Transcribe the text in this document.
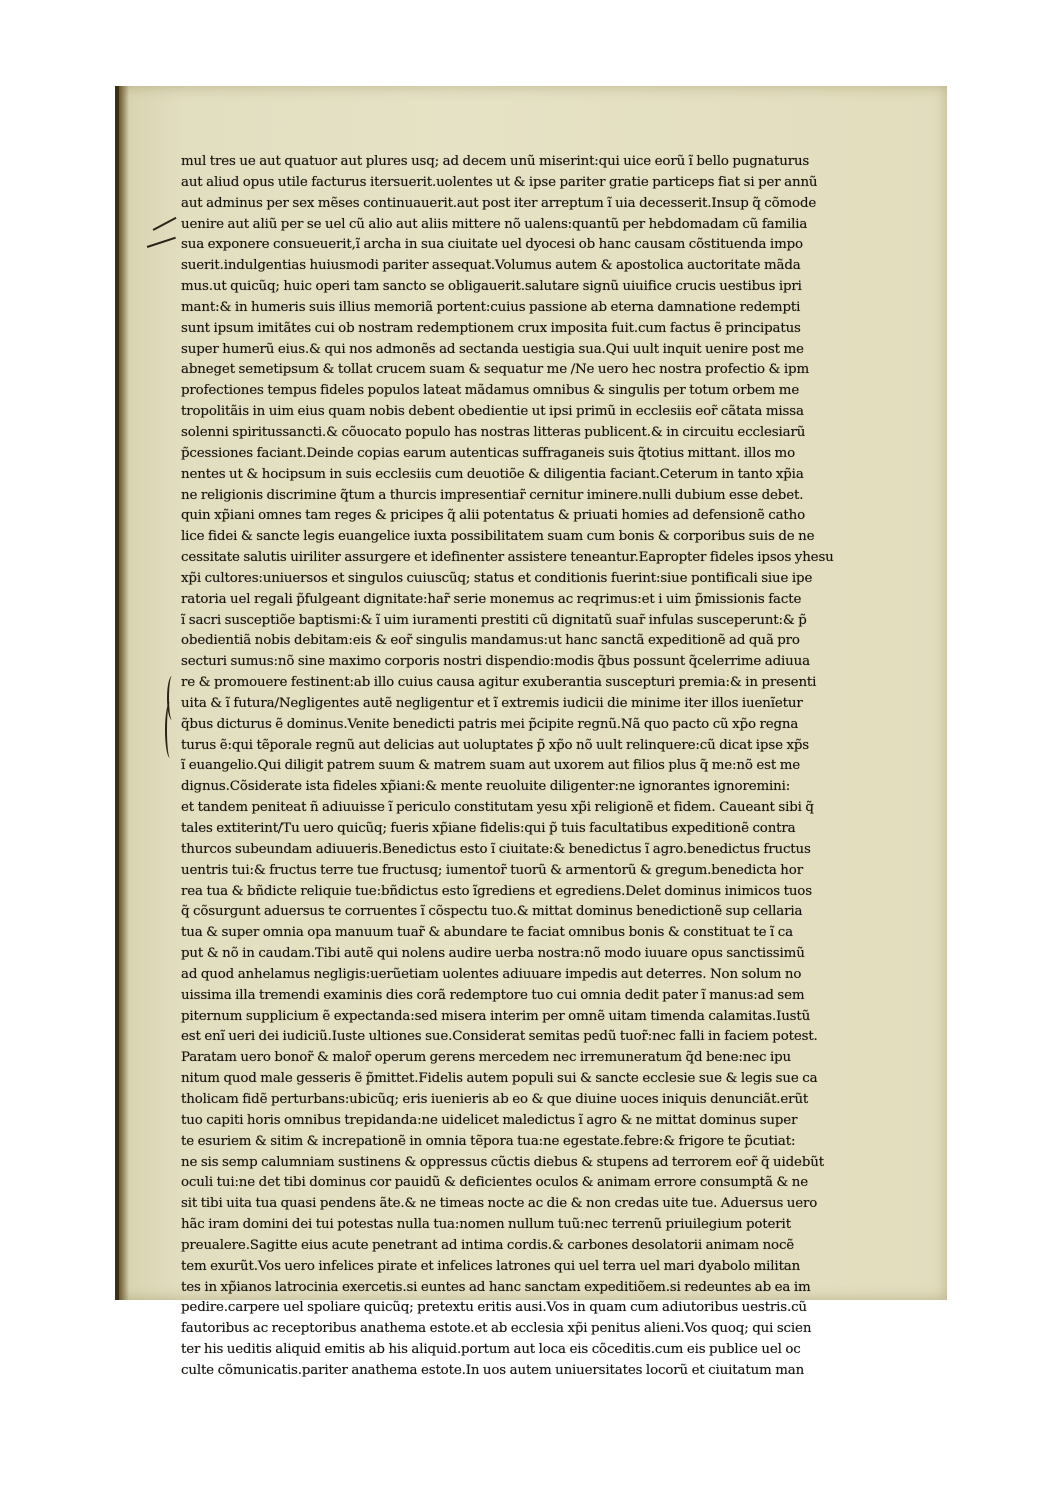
mul tres ue aut quatuor aut plures usq; ad decem unũ miserint:qui uice eorũ ĩ bello pugnaturus
aut aliud opus utile facturus itersuerit.uolentes ut & ipse pariter gratie particeps fiat si per annũ
aut adminus per sex mẽses continuauerit.aut post iter arreptum ĩ uia decesserit.Insup q̃ cõmode
uenire aut aliũ per se uel cũ alio aut aliis mittere nõ ualens:quantũ per hebdomadam cũ familia
sua exponere consueuerit,ĩ archa in sua ciuitate uel dyocesi ob hanc causam cõstituenda impo
suerit.indulgentias huiusmodi pariter assequat.Volumus autem & apostolica auctoritate mãda
mus.ut quicũq; huic operi tam sancto se obligauerit.salutare signũ uiuifice crucis uestibus ipri
mant:& in humeris suis illius memoriã portent:cuius passione ab eterna damnatione redempti
sunt ipsum imitãtes cui ob nostram redemptionem crux imposita fuit.cum factus ẽ principatus
super humerũ eius.& qui nos admonẽs ad sectanda uestigia sua.Qui uult inquit uenire post me
abneget semetipsum & tollat crucem suam & sequatur me /Ne uero hec nostra profectio & ipm
profectiones tempus fideles populos lateat mãdamus omnibus & singulis per totum orbem me
tropolitãis in uim eius quam nobis debent obedientie ut ipsi primũ in ecclesiis eor̃ cãtata missa
solenni spiritussancti.& cõuocato populo has nostras litteras publicent.& in circuitu ecclesiarũ
p̃cessiones faciant.Deinde copias earum autenticas suffraganeis suis q̃totius mittant. illos mo
nentes ut & hocipsum in suis ecclesiis cum deuotiõe & diligentia faciant.Ceterum in tanto xp̃ia
ne religionis discrimine q̃tum a thurcis impresentiar̃ cernitur iminere.nulli dubium esse debet.
quin xp̃iani omnes tam reges & pricipes q̃ alii potentatus & priuati homies ad defensionẽ catho
lice fidei & sancte legis euangelice iuxta possibilitatem suam cum bonis & corporibus suis de ne
cessitate salutis uiriliter assurgere et idefinenter assistere teneantur.Eapropter fideles ipsos yhesu
xp̃i cultores:uniuersos et singulos cuiuscũq; status et conditionis fuerint:siue pontificali siue ipe
ratoria uel regali p̃fulgeant dignitate:har̃ serie monemus ac reqrimus:et i uim p̃missionis facte
ĩ sacri susceptiõe baptismi:& ĩ uim iuramenti prestiti cũ dignitatũ suar̃ infulas susceperunt:& p̃
obedientiã nobis debitam:eis & eor̃ singulis mandamus:ut hanc sanctã expeditionẽ ad quã pro
secturi sumus:nõ sine maximo corporis nostri dispendio:modis q̃bus possunt q̃celerrime adiuua
re & promouere festinent:ab illo cuius causa agitur exuberantia suscepturi premia:& in presenti
uita & ĩ futura/Negligentes autẽ negligentur et ĩ extremis iudicii die minime iter illos iuenĩetur
q̃bus dicturus ẽ dominus.Venite benedicti patris mei p̃cipite regnũ.Nã quo pacto cũ xp̃o regna
turus ẽ:qui tẽporale regnũ aut delicias aut uoluptates p̃ xp̃o nõ uult relinquere:cũ dicat ipse xp̃s
ĩ euangelio.Qui diligit patrem suum & matrem suam aut uxorem aut filios plus q̃ me:nõ est me
dignus.Cõsiderate ista fideles xp̃iani:& mente reuoluite diligenter:ne ignorantes ignoremini:
et tandem peniteat ñ adiuuisse ĩ periculo constitutam yesu xp̃i religionẽ et fidem. Caueant sibi q̃
tales extiterint/Tu uero quicũq; fueris xp̃iane fidelis:qui p̃ tuis facultatibus expeditionẽ contra
thurcos subeundam adiuueris.Benedictus esto ĩ ciuitate:& benedictus ĩ agro.benedictus fructus
uentris tui:& fructus terre tue fructusq; iumentor̃ tuorũ & armentorũ & gregum.benedicta hor
rea tua & bñdicte reliquie tue:bñdictus esto ĩgrediens et egrediens.Delet dominus inimicos tuos
q̃ cõsurgunt aduersus te corruentes ĩ cõspectu tuo.& mittat dominus benedictionẽ sup cellaria
tua & super omnia opa manuum tuar̃ & abundare te faciat omnibus bonis & constituat te ĩ ca
put & nõ in caudam.Tibi autẽ qui nolens audire uerba nostra:nõ modo iuuare opus sanctissimũ
ad quod anhelamus negligis:uerũetiam uolentes adiuuare impedis aut deterres. Non solum no
uissima illa tremendi examinis dies corã redemptore tuo cui omnia dedit pater ĩ manus:ad sem
piternum supplicium ẽ expectanda:sed misera interim per omnẽ uitam timenda calamitas.Iustũ
est enĩ ueri dei iudiciũ.Iuste ultiones sue.Considerat semitas pedũ tuor̃:nec falli in faciem potest.
Paratam uero bonor̃ & malor̃ operum gerens mercedem nec irremuneratum q̃d bene:nec ipu
nitum quod male gesseris ẽ p̃mittet.Fidelis autem populi sui & sancte ecclesie sue & legis sue ca
tholicam fidẽ perturbans:ubicũq; eris iuenieris ab eo & que diuine uoces iniquis denunciãt.erũt
tuo capiti horis omnibus trepidanda:ne uidelicet maledictus ĩ agro & ne mittat dominus super
te esuriem & sitim & increpationẽ in omnia tẽpora tua:ne egestate.febre:& frigore te p̃cutiat:
ne sis semp calumniam sustinens & oppressus cũctis diebus & stupens ad terrorem eor̃ q̃ uidebũt
oculi tui:ne det tibi dominus cor pauidũ & deficientes oculos & animam errore consumptã & ne
sit tibi uita tua quasi pendens ãte.& ne timeas nocte ac die & non credas uite tue. Aduersus uero
hãc iram domini dei tui potestas nulla tua:nomen nullum tuũ:nec terrenũ priuilegium poterit
preualere.Sagitte eius acute penetrant ad intima cordis.& carbones desolatorii animam nocẽ
tem exurũt.Vos uero infelices pirate et infelices latrones qui uel terra uel mari dyabolo militan
tes in xp̃ianos latrocinia exercetis.si euntes ad hanc sanctam expeditiõem.si redeuntes ab ea im
pedire.carpere uel spoliare quicũq; pretextu eritis ausi.Vos in quam cum adiutoribus uestris.cũ
fautoribus ac receptoribus anathema estote.et ab ecclesia xp̃i penitus alieni.Vos quoq; qui scien
ter his ueditis aliquid emitis ab his aliquid.portum aut loca eis cõceditis.cum eis publice uel oc
culte cõmunicatis.pariter anathema estote.In uos autem uniuersitates locorũ et ciuitatum man
